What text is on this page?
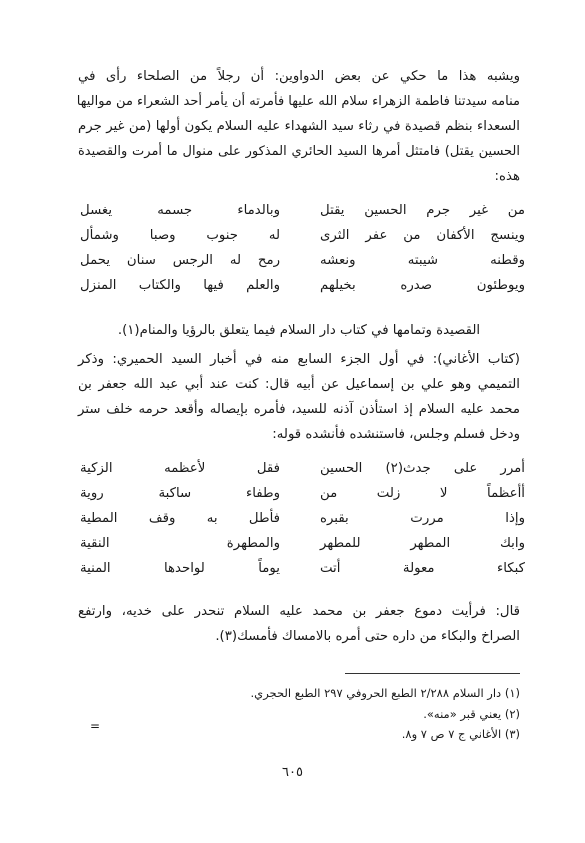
ويشبه هذا ما حكي عن بعض الدواوين: أن رجلاً من الصلحاء رأى في
منامه سيدتنا فاطمة الزهراء سلام الله عليها فأمرته أن يأمر أحد الشعراء من مواليها
السعداء بنظم قصيدة في رثاء سيد الشهداء عليه السلام يكون أولها (من غير جرم
الحسين يقتل) فامتثل أمرها السيد الحائري المذكور على منوال ما أمرت والقصيدة
هذه:
من غير جرم الحسين يقتل
وبالدماء جسمه يغسل
وينسج الأكفان من عفر الثرى
له جنوب وصبا وشمأل
وقطنه شيبته ونعشه
رمح له الرجس سنان يحمل
ويوطئون صدره بخيلهم
والعلم فيها والكتاب المنزل
القصيدة وتمامها في كتاب دار السلام فيما يتعلق بالرؤيا والمنام(١).
(كتاب الأغاني): في أول الجزء السابع منه في أخبار السيد الحميري: وذكر
التميمي وهو علي بن إسماعيل عن أبيه قال: كنت عند أبي عبد الله جعفر بن
محمد عليه السلام إذ استأذن آذنه للسيد، فأمره بإيصاله وأقعد حرمه خلف ستر
ودخل فسلم وجلس، فاستنشده فأنشده قوله:
أمرر على جدث(٢) الحسين
فقل لأعظمه الزكية
أأعظماً لا زلت من
وطفاء ساكبة روية
وإذا مررت بقبره
فأطل به وقف المطية
وابك المطهر للمطهر
والمطهرة النقية
كبكاء معولة أتت
يوماً لواحدها المنية
قال: فرأيت دموع جعفر بن محمد عليه السلام تنحدر على خديه، وارتفع
الصراخ والبكاء من داره حتى أمره بالامساك فأمسك(٣).
(١) دار السلام ٢/٢٨٨ الطبع الحروفي ٢٩٧ الطبع الحجري.
(٢) يعني قبر «منه».
(٣) الأغاني ج ٧ ص ٧ و٨.
=
٦٠٥
